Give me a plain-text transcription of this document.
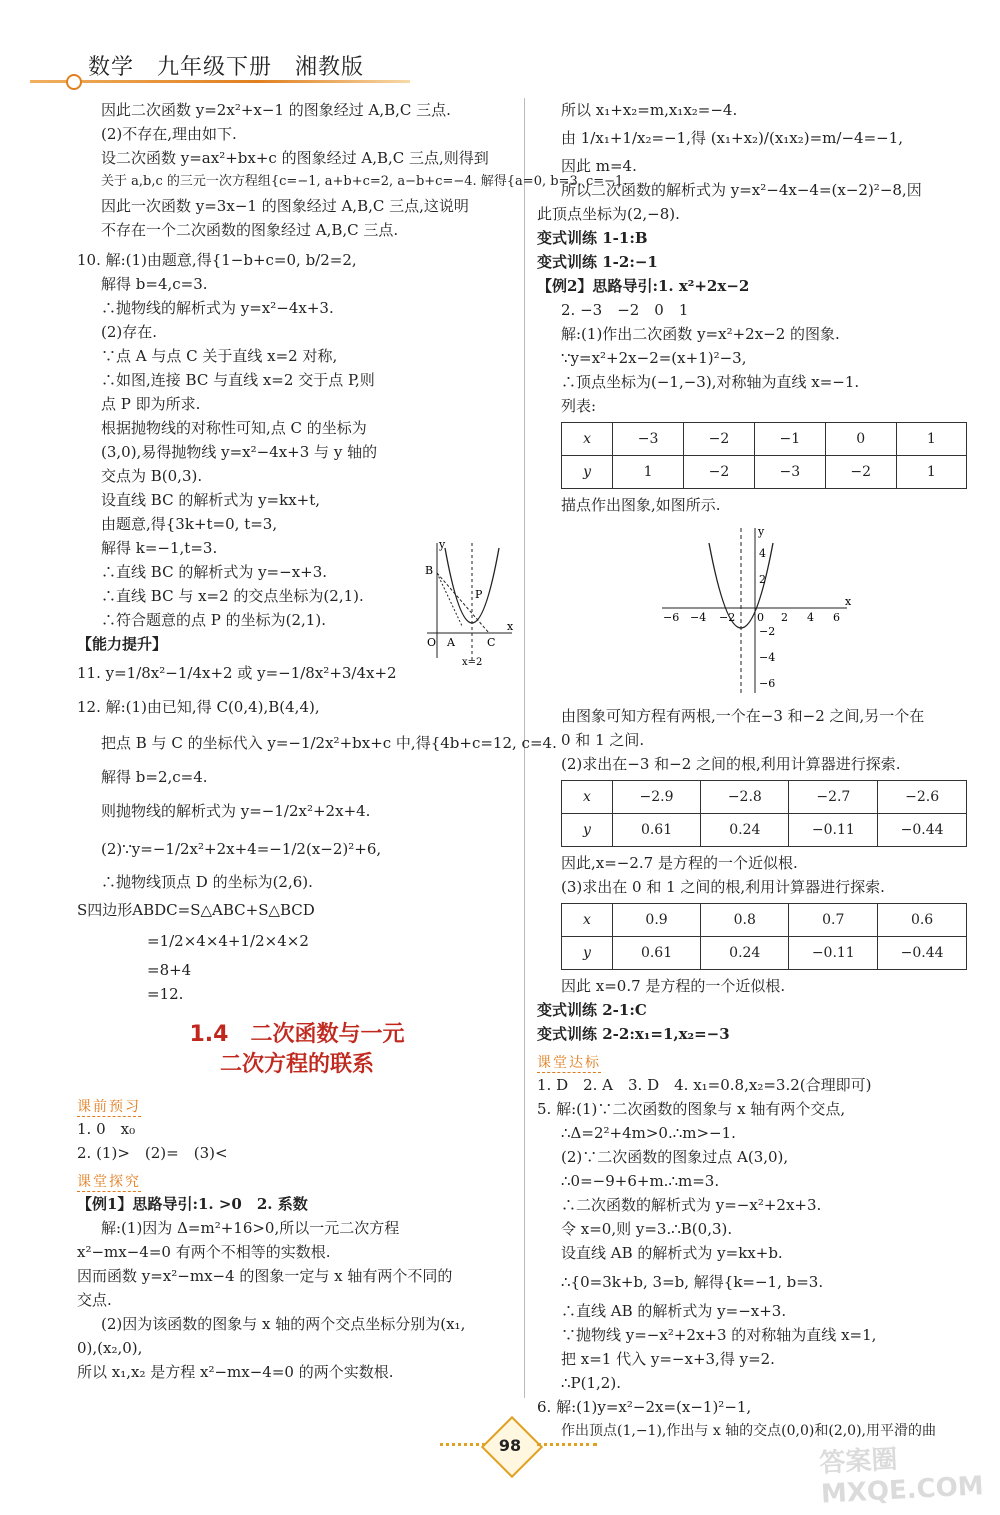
数学　九年级下册　湘教版
因此二次函数 y=2x²+x−1 的图象经过 A,B,C 三点.
(2)不存在,理由如下.
设二次函数 y=ax²+bx+c 的图象经过 A,B,C 三点,则得到
关于 a,b,c 的三元一次方程组{c=−1, a+b+c=2, a−b+c=−4. 解得{a=0, b=3, c=−1.
因此一次函数 y=3x−1 的图象经过 A,B,C 三点,这说明
不存在一个二次函数的图象经过 A,B,C 三点.
10. 解:(1)由题意,得{1−b+c=0, b/2=2,
解得 b=4,c=3.
∴抛物线的解析式为 y=x²−4x+3.
(2)存在.
∵点 A 与点 C 关于直线 x=2 对称,
∴如图,连接 BC 与直线 x=2 交于点 P,则
点 P 即为所求.
根据抛物线的对称性可知,点 C 的坐标为
(3,0),易得抛物线 y=x²−4x+3 与 y 轴的
交点为 B(0,3).
设直线 BC 的解析式为 y=kx+t,
由题意,得{3k+t=0, t=3,
解得 k=−1,t=3.
∴直线 BC 的解析式为 y=−x+3.
∴直线 BC 与 x=2 的交点坐标为(2,1).
∴符合题意的点 P 的坐标为(2,1).
y
B
P
O A	C
x
x=2
【能力提升】
11. y=1/8x²−1/4x+2 或 y=−1/8x²+3/4x+2
12. 解:(1)由已知,得 C(0,4),B(4,4),
把点 B 与 C 的坐标代入 y=−1/2x²+bx+c 中,得{4b+c=12, c=4.
解得 b=2,c=4.
则抛物线的解析式为 y=−1/2x²+2x+4.
(2)∵y=−1/2x²+2x+4=−1/2(x−2)²+6,
∴抛物线顶点 D 的坐标为(2,6).
S四边形ABDC=S△ABC+S△BCD
=1/2×4×4+1/2×4×2
=8+4
=12.
1.4　二次函数与一元
二次方程的联系
课前预习
1. 0　x₀
2. (1)>　(2)=　(3)<
课堂探究
【例1】思路导引:1. >0　2. 系数
解:(1)因为 Δ=m²+16>0,所以一元二次方程
x²−mx−4=0 有两个不相等的实数根.
因而函数 y=x²−mx−4 的图象一定与 x 轴有两个不同的
交点.
(2)因为该函数的图象与 x 轴的两个交点坐标分别为(x₁,
0),(x₂,0),
所以 x₁,x₂ 是方程 x²−mx−4=0 的两个实数根.
所以 x₁+x₂=m,x₁x₂=−4.
由 1/x₁+1/x₂=−1,得 (x₁+x₂)/(x₁x₂)=m/−4=−1,
因此 m=4.
所以二次函数的解析式为 y=x²−4x−4=(x−2)²−8,因
此顶点坐标为(2,−8).
变式训练 1-1:B
变式训练 1-2:−1
【例2】思路导引:1. x²+2x−2
2. −3　−2　0　1
解:(1)作出二次函数 y=x²+2x−2 的图象.
∵y=x²+2x−2=(x+1)²−3,
∴顶点坐标为(−1,−3),对称轴为直线 x=−1.
列表:
x	−3	−2	−1	0	1
y	1	−2	−3	−2	1
描点作出图象,如图所示.
−6 −4 −2 0 2 4 6
x
y
4
2
−2
−4
−6
由图象可知方程有两根,一个在−3 和−2 之间,另一个在
0 和 1 之间.
(2)求出在−3 和−2 之间的根,利用计算器进行探索.
x	−2.9	−2.8	−2.7	−2.6
y	0.61	0.24	−0.11	−0.44
因此,x=−2.7 是方程的一个近似根.
(3)求出在 0 和 1 之间的根,利用计算器进行探索.
x	0.9	0.8	0.7	0.6
y	0.61	0.24	−0.11	−0.44
因此 x=0.7 是方程的一个近似根.
变式训练 2-1:C
变式训练 2-2:x₁=1,x₂=−3
课堂达标
1. D　2. A　3. D　4. x₁=0.8,x₂=3.2(合理即可)
5. 解:(1)∵二次函数的图象与 x 轴有两个交点,
∴Δ=2²+4m>0.∴m>−1.
(2)∵二次函数的图象过点 A(3,0),
∴0=−9+6+m.∴m=3.
∴二次函数的解析式为 y=−x²+2x+3.
令 x=0,则 y=3.∴B(0,3).
设直线 AB 的解析式为 y=kx+b.
∴{0=3k+b, 3=b, 解得{k=−1, b=3.
∴直线 AB 的解析式为 y=−x+3.
∵抛物线 y=−x²+2x+3 的对称轴为直线 x=1,
把 x=1 代入 y=−x+3,得 y=2.
∴P(1,2).
6. 解:(1)y=x²−2x=(x−1)²−1,
作出顶点(1,−1),作出与 x 轴的交点(0,0)和(2,0),用平滑的曲
98	答案圈 MXQE.COM
